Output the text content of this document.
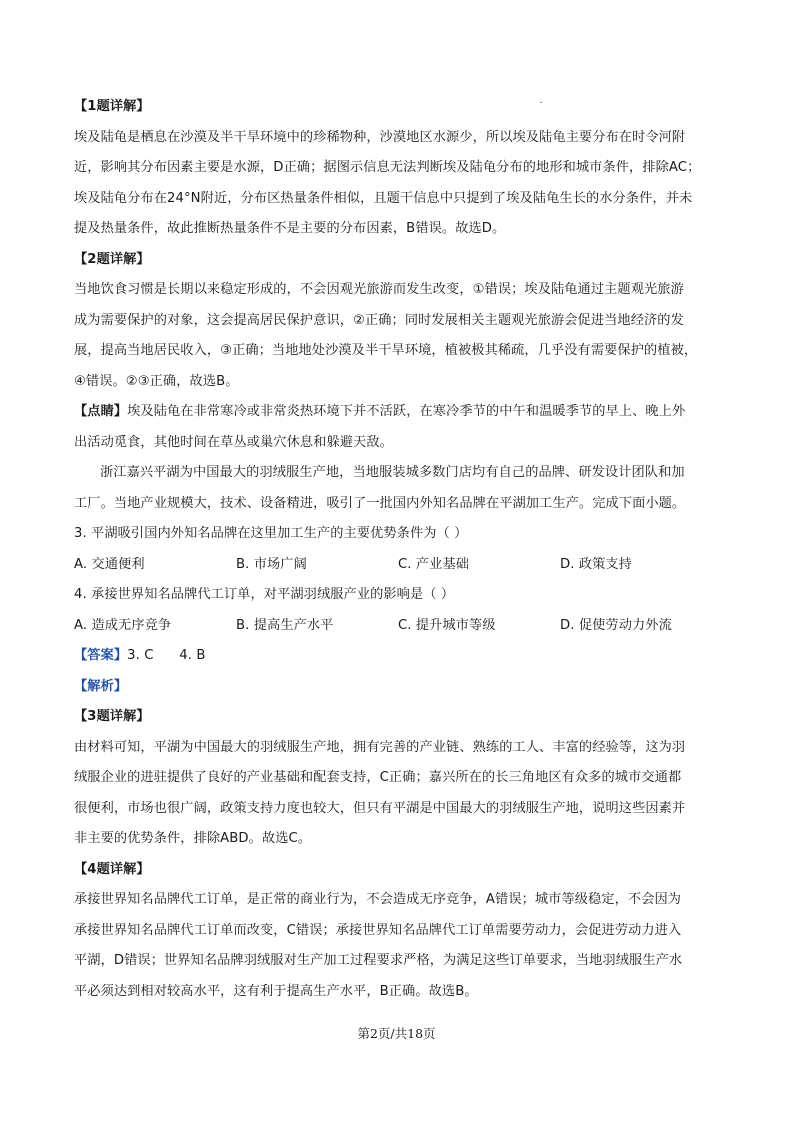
【1题详解】
埃及陆龟是栖息在沙漠及半干旱环境中的珍稀物种，沙漠地区水源少，所以埃及陆龟主要分布在时令河附
近，影响其分布因素主要是水源，D正确；据图示信息无法判断埃及陆龟分布的地形和城市条件，排除AC；
埃及陆龟分布在24°N附近，分布区热量条件相似，且题干信息中只提到了埃及陆龟生长的水分条件，并未
提及热量条件，故此推断热量条件不是主要的分布因素，B错误。故选D。
【2题详解】
当地饮食习惯是长期以来稳定形成的，不会因观光旅游而发生改变，①错误；埃及陆龟通过主题观光旅游
成为需要保护的对象，这会提高居民保护意识，②正确；同时发展相关主题观光旅游会促进当地经济的发
展，提高当地居民收入，③正确；当地地处沙漠及半干旱环境，植被极其稀疏，几乎没有需要保护的植被，
④错误。②③正确，故选B。
【点睛】埃及陆龟在非常寒冷或非常炎热环境下并不活跃，在寒冷季节的中午和温暖季节的早上、晚上外
出活动觅食，其他时间在草丛或巢穴休息和躲避天敌。
浙江嘉兴平湖为中国最大的羽绒服生产地，当地服装城多数门店均有自己的品牌、研发设计团队和加
工厂。当地产业规模大，技术、设备精进，吸引了一批国内外知名品牌在平湖加工生产。完成下面小题。
3. 平湖吸引国内外知名品牌在这里加工生产的主要优势条件为（ ）
A. 交通便利	B. 市场广阔	C. 产业基础	D. 政策支持
4. 承接世界知名品牌代工订单，对平湖羽绒服产业的影响是（ ）
A. 造成无序竞争	B. 提高生产水平	C. 提升城市等级	D. 促使劳动力外流
【答案】3. C      4. B
【解析】
【3题详解】
由材料可知，平湖为中国最大的羽绒服生产地，拥有完善的产业链、熟练的工人、丰富的经验等，这为羽
绒服企业的进驻提供了良好的产业基础和配套支持，C正确；嘉兴所在的长三角地区有众多的城市交通都
很便利，市场也很广阔，政策支持力度也较大，但只有平湖是中国最大的羽绒服生产地，说明这些因素并
非主要的优势条件，排除ABD。故选C。
【4题详解】
承接世界知名品牌代工订单，是正常的商业行为，不会造成无序竞争，A错误；城市等级稳定，不会因为
承接世界知名品牌代工订单而改变，C错误；承接世界知名品牌代工订单需要劳动力，会促进劳动力进入
平湖，D错误；世界知名品牌羽绒服对生产加工过程要求严格，为满足这些订单要求，当地羽绒服生产水
平必须达到相对较高水平，这有利于提高生产水平，B正确。故选B。
第2页/共18页
